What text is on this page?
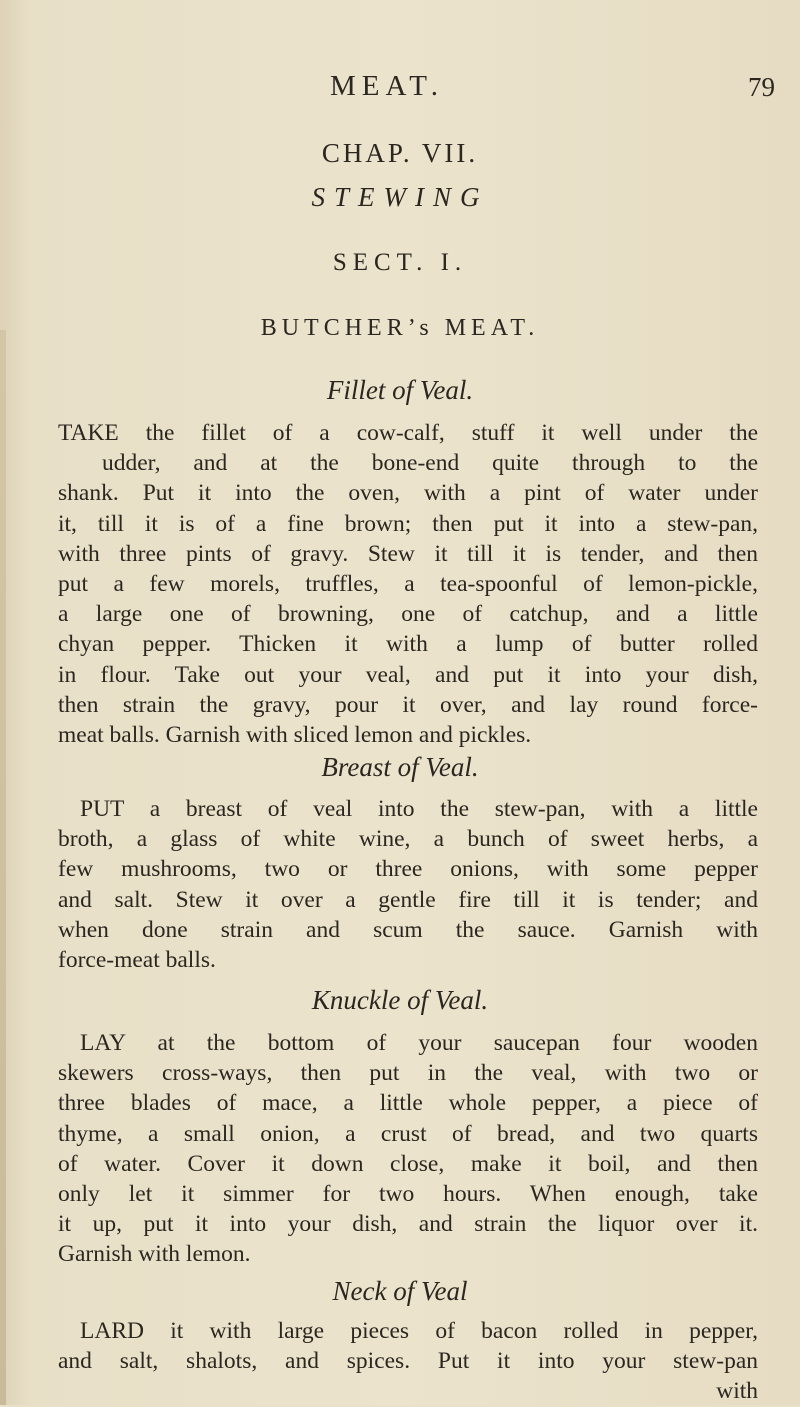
MEAT.	79
CHAP. VII.
STEWING
SECT. I.
BUTCHER’s MEAT.
Fillet of Veal.
TAKE the fillet of a cow-calf, stuff it well under the
udder, and at the bone-end quite through to the
shank. Put it into the oven, with a pint of water under
it, till it is of a fine brown; then put it into a stew-pan,
with three pints of gravy. Stew it till it is tender, and then
put a few morels, truffles, a tea-spoonful of lemon-pickle,
a large one of browning, one of catchup, and a little
chyan pepper. Thicken it with a lump of butter rolled
in flour. Take out your veal, and put it into your dish,
then strain the gravy, pour it over, and lay round force-
meat balls. Garnish with sliced lemon and pickles.
Breast of Veal.
PUT a breast of veal into the stew-pan, with a little
broth, a glass of white wine, a bunch of sweet herbs, a
few mushrooms, two or three onions, with some pepper
and salt. Stew it over a gentle fire till it is tender; and
when done strain and scum the sauce. Garnish with
force-meat balls.
Knuckle of Veal.
LAY at the bottom of your saucepan four wooden
skewers cross-ways, then put in the veal, with two or
three blades of mace, a little whole pepper, a piece of
thyme, a small onion, a crust of bread, and two quarts
of water. Cover it down close, make it boil, and then
only let it simmer for two hours. When enough, take
it up, put it into your dish, and strain the liquor over it.
Garnish with lemon.
Neck of Veal
LARD it with large pieces of bacon rolled in pepper,
and salt, shalots, and spices. Put it into your stew-pan
with
